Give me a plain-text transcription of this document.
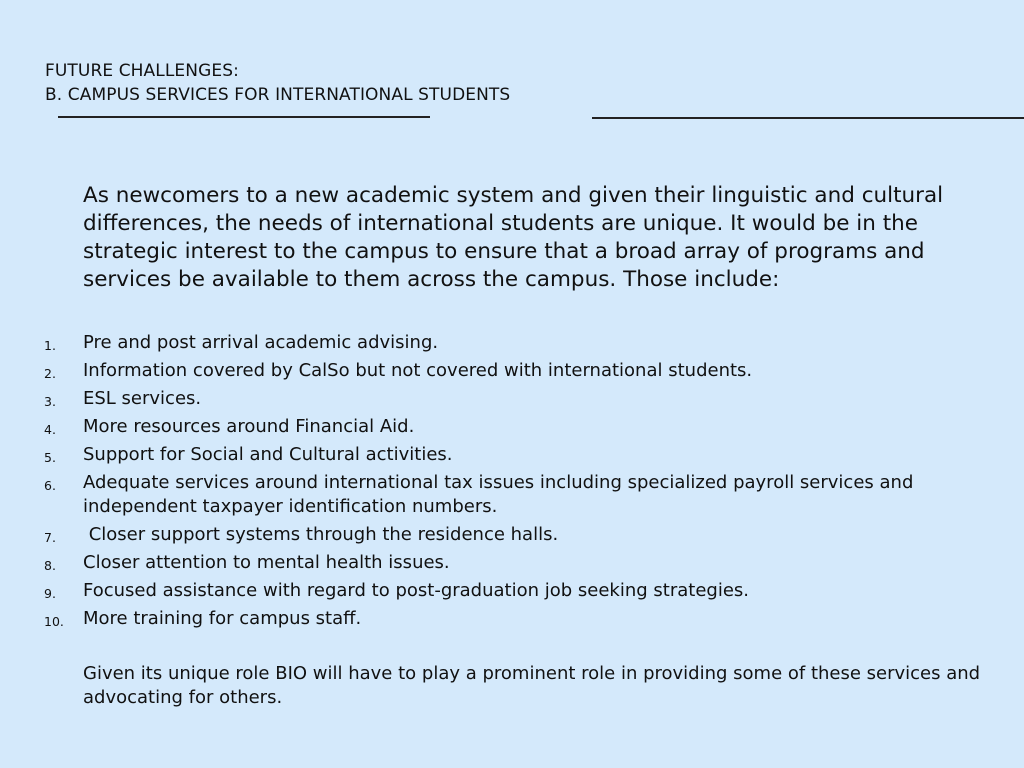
FUTURE CHALLENGES:
B. CAMPUS SERVICES FOR INTERNATIONAL STUDENTS
As newcomers to a new academic system and given their linguistic and cultural differences, the needs of international students are unique. It would be in the strategic interest to the campus to ensure that a broad array of programs and services be available to them across the campus. Those include:
1. Pre and post arrival academic advising.
2. Information covered by CalSo but not covered with international students.
3. ESL services.
4. More resources around Financial Aid.
5. Support for Social and Cultural activities.
6. Adequate services around international tax issues including specialized payroll services and independent taxpayer identification numbers.
7. Closer support systems through the residence halls.
8. Closer attention to mental health issues.
9. Focused assistance with regard to post-graduation job seeking strategies.
10. More training for campus staff.
Given its unique role BIO will have to play a prominent role in providing some of these services and advocating for others.
